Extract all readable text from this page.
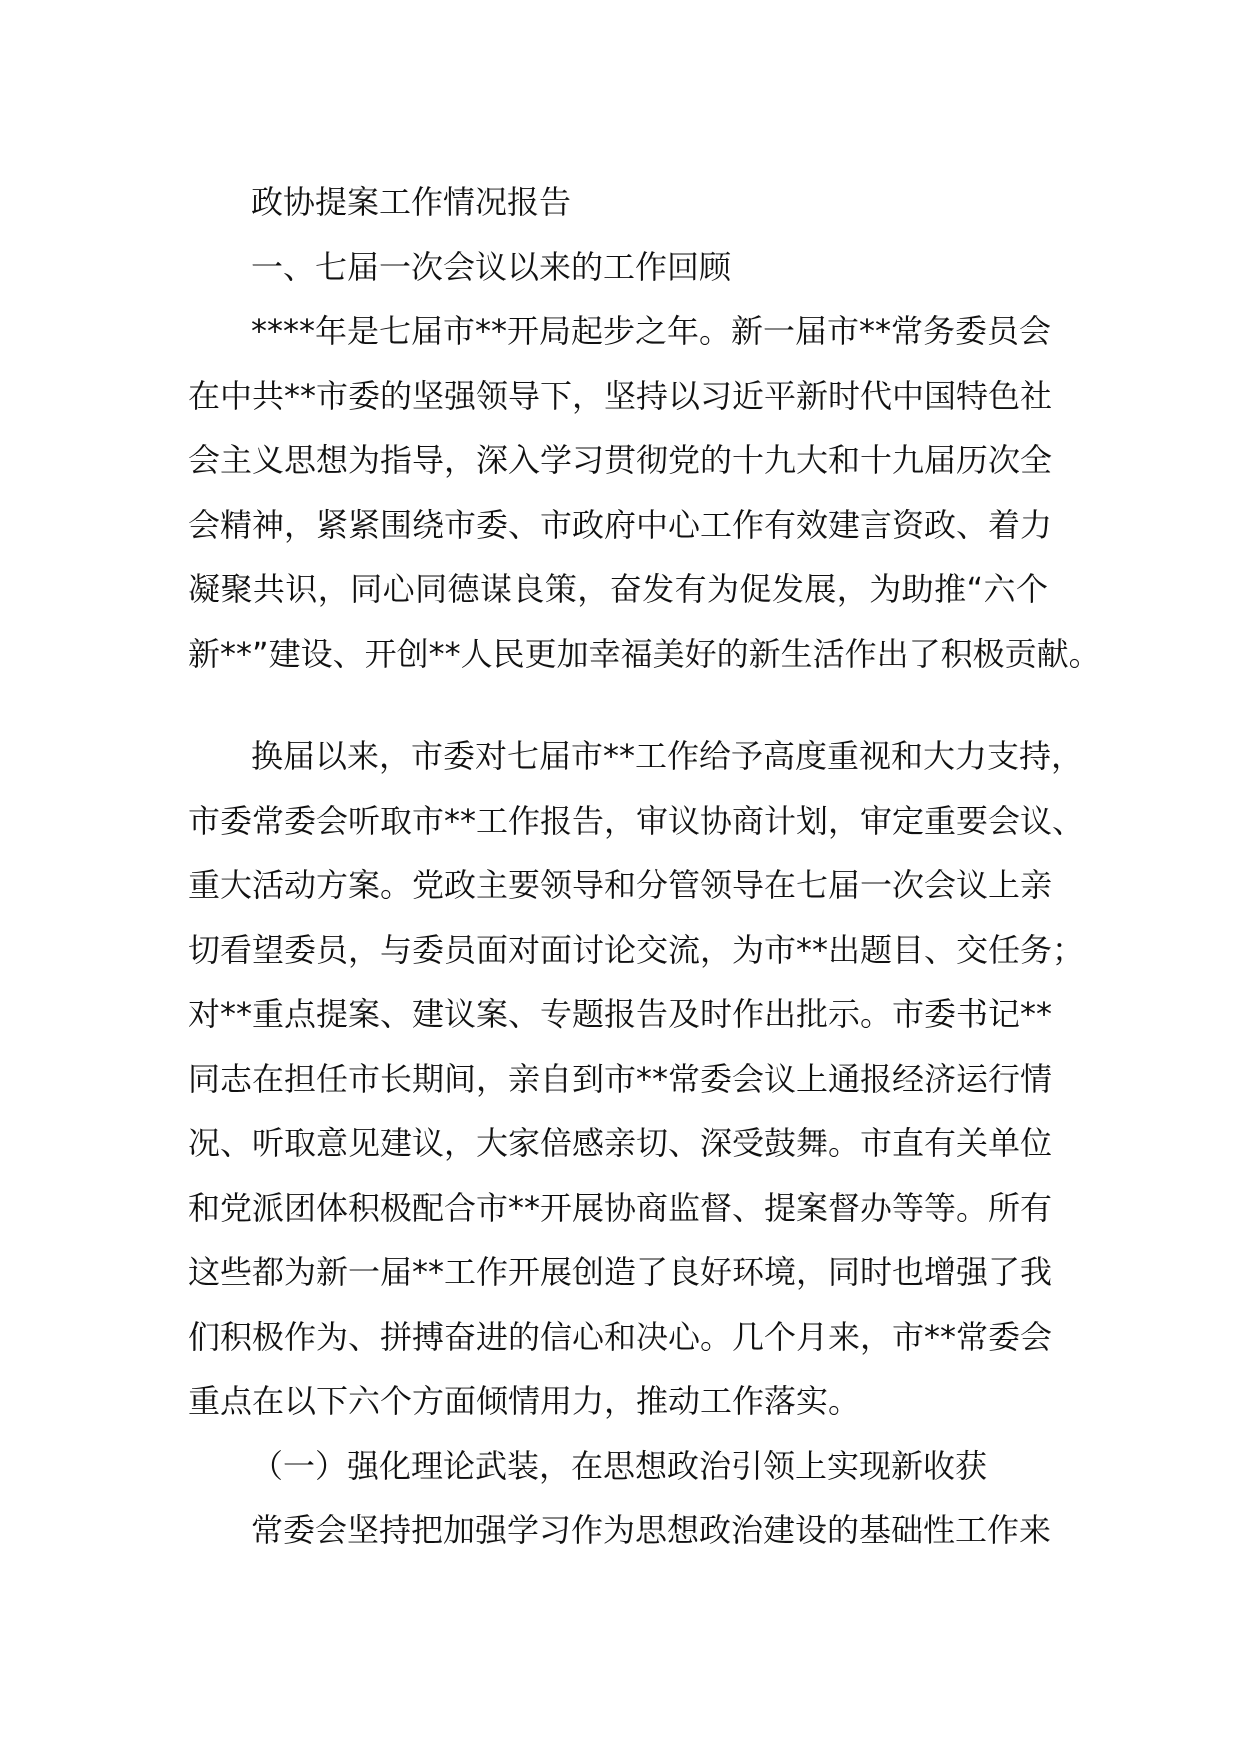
政协提案工作情况报告
一、七届一次会议以来的工作回顾
****年是七届市**开局起步之年。新一届市**常务委员会
在中共**市委的坚强领导下，坚持以习近平新时代中国特色社
会主义思想为指导，深入学习贯彻党的十九大和十九届历次全
会精神，紧紧围绕市委、市政府中心工作有效建言资政、着力
凝聚共识，同心同德谋良策，奋发有为促发展，为助推“六个
新**”建设、开创**人民更加幸福美好的新生活作出了积极贡献。
换届以来，市委对七届市**工作给予高度重视和大力支持，
市委常委会听取市**工作报告，审议协商计划，审定重要会议、
重大活动方案。党政主要领导和分管领导在七届一次会议上亲
切看望委员，与委员面对面讨论交流，为市**出题目、交任务；
对**重点提案、建议案、专题报告及时作出批示。市委书记**
同志在担任市长期间，亲自到市**常委会议上通报经济运行情
况、听取意见建议，大家倍感亲切、深受鼓舞。市直有关单位
和党派团体积极配合市**开展协商监督、提案督办等等。所有
这些都为新一届**工作开展创造了良好环境，同时也增强了我
们积极作为、拼搏奋进的信心和决心。几个月来，市**常委会
重点在以下六个方面倾情用力，推动工作落实。
（一）强化理论武装，在思想政治引领上实现新收获
常委会坚持把加强学习作为思想政治建设的基础性工作来
